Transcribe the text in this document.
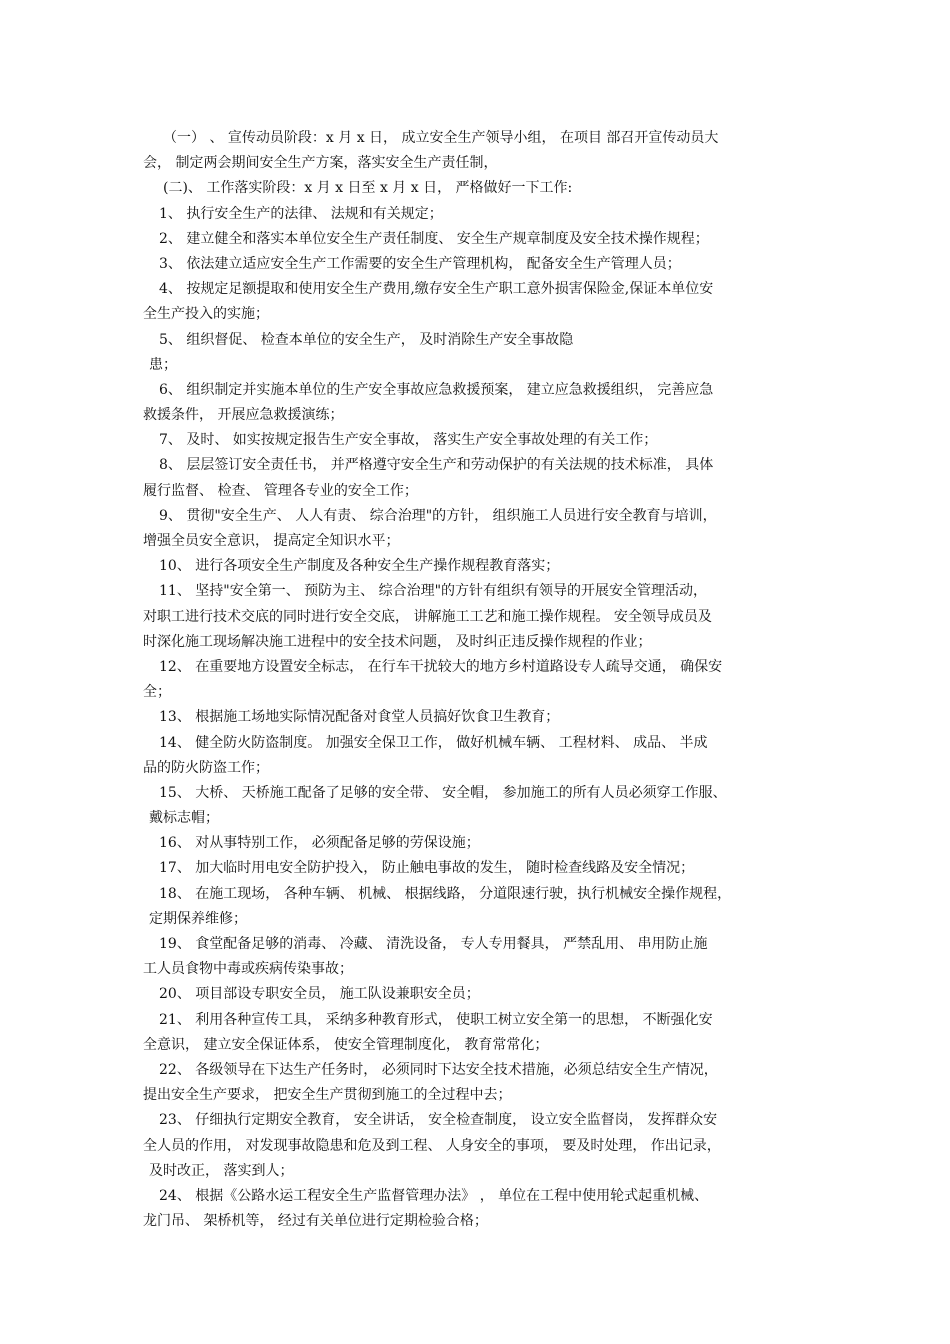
（一） 、 宣传动员阶段：x 月 x 日， 成立安全生产领导小组， 在项目 部召开宣传动员大
会， 制定两会期间安全生产方案，落实安全生产责任制，
(二)、 工作落实阶段：x 月 x 日至 x 月 x 日， 严格做好一下工作:
1、 执行安全生产的法律、 法规和有关规定；
2、 建立健全和落实本单位安全生产责任制度、 安全生产规章制度及安全技术操作规程；
3、 依法建立适应安全生产工作需要的安全生产管理机构， 配备安全生产管理人员；
4、 按规定足额提取和使用安全生产费用,缴存安全生产职工意外损害保险金,保证本单位安
全生产投入的实施；
5、 组织督促、 检查本单位的安全生产， 及时消除生产安全事故隐
患；
6、 组织制定并实施本单位的生产安全事故应急救援预案， 建立应急救援组织， 完善应急
救援条件， 开展应急救援演练；
7、 及时、 如实按规定报告生产安全事故， 落实生产安全事故处理的有关工作；
8、 层层签订安全责任书， 并严格遵守安全生产和劳动保护的有关法规的技术标准， 具体
履行监督、 检查、 管理各专业的安全工作；
9、 贯彻"安全生产、 人人有责、 综合治理"的方针， 组织施工人员进行安全教育与培训，
增强全员安全意识， 提高定全知识水平；
10、 进行各项安全生产制度及各种安全生产操作规程教育落实；
11、 坚持"安全第一、 预防为主、 综合治理"的方针有组织有领导的开展安全管理活动，
对职工进行技术交底的同时进行安全交底， 讲解施工工艺和施工操作规程。 安全领导成员及
时深化施工现场解决施工进程中的安全技术问题， 及时纠正违反操作规程的作业；
12、 在重要地方设置安全标志， 在行车干扰较大的地方乡村道路设专人疏导交通， 确保安
全；
13、 根据施工场地实际情况配备对食堂人员搞好饮食卫生教育；
14、 健全防火防盗制度。 加强安全保卫工作， 做好机械车辆、 工程材料、 成品、 半成
品的防火防盗工作；
15、 大桥、 天桥施工配备了足够的安全带、 安全帽， 参加施工的所有人员必须穿工作服、
戴标志帽；
16、 对从事特别工作， 必须配备足够的劳保设施；
17、 加大临时用电安全防护投入， 防止触电事故的发生， 随时检查线路及安全情况；
18、 在施工现场， 各种车辆、 机械、 根据线路， 分道限速行驶，执行机械安全操作规程，
定期保养维修；
19、 食堂配备足够的消毒、 冷藏、 清洗设备， 专人专用餐具， 严禁乱用、 串用防止施
工人员食物中毒或疾病传染事故；
20、 项目部设专职安全员， 施工队设兼职安全员；
21、 利用各种宣传工具， 采纳多种教育形式， 使职工树立安全第一的思想， 不断强化安
全意识， 建立安全保证体系， 使安全管理制度化， 教育常常化；
22、 各级领导在下达生产任务时， 必须同时下达安全技术措施，必须总结安全生产情况，
提出安全生产要求， 把安全生产贯彻到施工的全过程中去；
23、 仔细执行定期安全教育， 安全讲话， 安全检查制度， 设立安全监督岗， 发挥群众安
全人员的作用， 对发现事故隐患和危及到工程、 人身安全的事项， 要及时处理， 作出记录，
及时改正， 落实到人；
24、 根据《公路水运工程安全生产监督管理办法》 ， 单位在工程中使用轮式起重机械、
龙门吊、 架桥机等， 经过有关单位进行定期检验合格；
